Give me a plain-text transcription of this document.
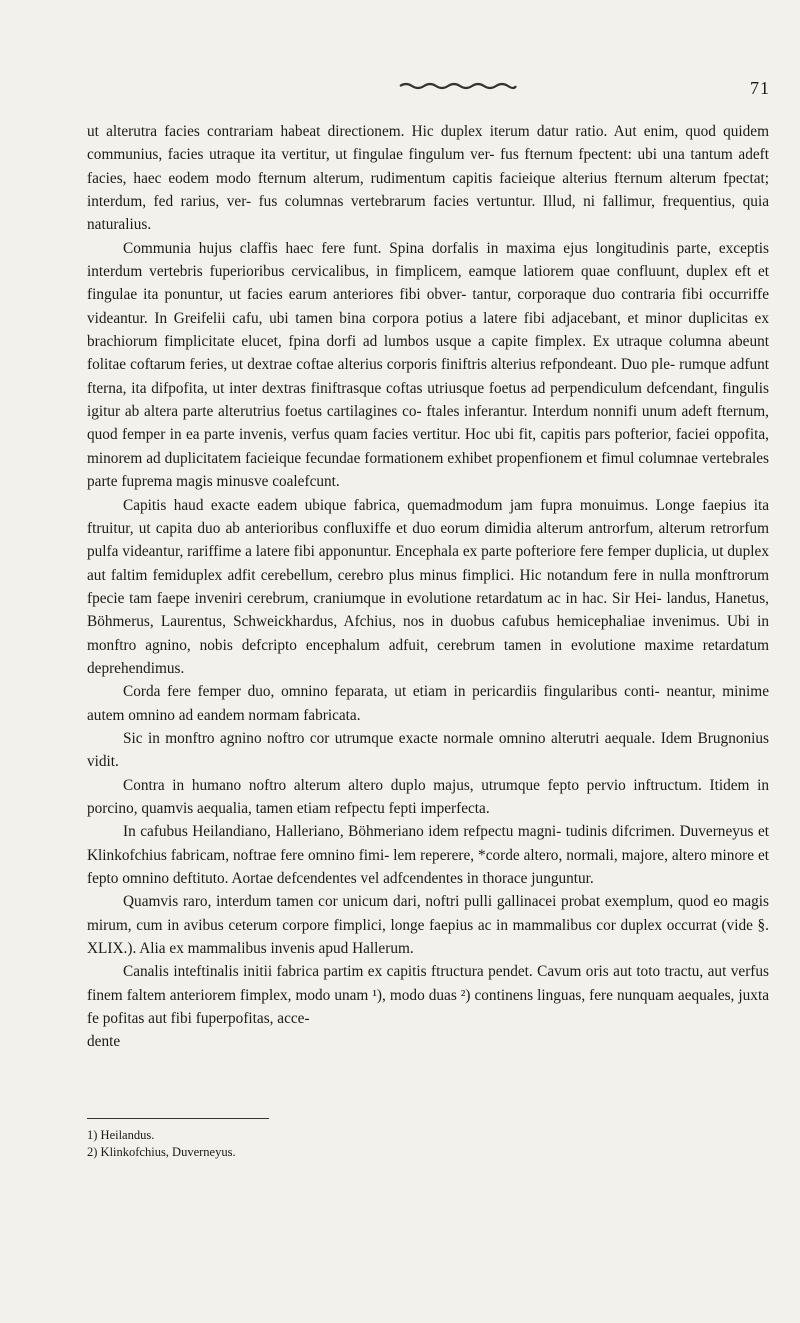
71

ut alterutra facies contrariam habeat directionem. Hic duplex iterum datur ratio. Aut enim, quod quidem communius, facies utraque ita vertitur, ut fingulae fingulum ver- fus fternum fpectent: ubi una tantum adeft facies, haec eodem modo fternum alterum, rudimentum capitis facieique alterius fternum alterum fpectat; interdum, fed rarius, ver- fus columnas vertebrarum facies vertuntur. Illud, ni fallimur, frequentius, quia naturalius.

Communia hujus claffis haec fere funt. Spina dorfalis in maxima ejus longitudinis parte, exceptis interdum vertebris fuperioribus cervicalibus, in fimplicem, eamque latiorem quae confluunt, duplex eft et fingulae ita ponuntur, ut facies earum anteriores fibi obver- tantur, corporaque duo contraria fibi occurriffe videantur. In Greifelii cafu, ubi tamen bina corpora potius a latere fibi adjacebant, et minor duplicitas ex brachiorum fimplicitate elucet, fpina dorfi ad lumbos usque a capite fimplex. Ex utraque columna abeunt folitae coftarum feries, ut dextrae coftae alterius corporis finiftris alterius refpondeant. Duo ple- rumque adfunt fterna, ita difpofita, ut inter dextras finiftrasque coftas utriusque foetus ad perpendiculum defcendant, fingulis igitur ab altera parte alterutrius foetus cartilagines co- ftales inferantur. Interdum nonnifi unum adeft fternum, quod femper in ea parte invenis, verfus quam facies vertitur. Hoc ubi fit, capitis pars pofterior, faciei oppofita, minorem ad duplicitatem facieique fecundae formationem exhibet propenfionem et fimul columnae vertebrales parte fuprema magis minusve coalefcunt.

Capitis haud exacte eadem ubique fabrica, quemadmodum jam fupra monuimus. Longe faepius ita ftruitur, ut capita duo ab anterioribus confluxiffe et duo eorum dimidia alterum antrorfum, alterum retrorfum pulfa videantur, rariffime a latere fibi apponuntur. Encephala ex parte pofteriore fere femper duplicia, ut duplex aut faltim femiduplex adfit cerebellum, cerebro plus minus fimplici. Hic notandum fere in nulla monftrorum fpecie tam faepe inveniri cerebrum, craniumque in evolutione retardatum ac in hac. Sir Hei- landus, Hanetus, Böhmerus, Laurentus, Schweickhardus, Afchius, nos in duobus cafubus hemicephaliae invenimus. Ubi in monftro agnino, nobis defcripto encephalum adfuit, cerebrum tamen in evolutione maxime retardatum deprehendimus.

Corda fere femper duo, omnino feparata, ut etiam in pericardiis fingularibus conti- neantur, minime autem omnino ad eandem normam fabricata.

Sic in monftro agnino noftro cor utrumque exacte normale omnino alterutri aequale. Idem Brugnonius vidit.

Contra in humano noftro alterum altero duplo majus, utrumque fepto pervio inftructum. Itidem in porcino, quamvis aequalia, tamen etiam refpectu fepti imperfecta.

In cafubus Heilandiano, Halleriano, Böhmeriano idem refpectu magni- tudinis difcrimen. Duverneyus et Klinkofchius fabricam, noftrae fere omnino fimi- lem reperere, *corde altero, normali, majore, altero minore et fepto omnino deftituto. Aortae defcendentes vel adfcendentes in thorace junguntur.

Quamvis raro, interdum tamen cor unicum dari, noftri pulli gallinacei probat exemplum, quod eo magis mirum, cum in avibus ceterum corpore fimplici, longe faepius ac in mammalibus cor duplex occurrat (vide §. XLIX.). Alia ex mammalibus invenis apud Hallerum.

Canalis inteftinalis initii fabrica partim ex capitis ftructura pendet. Cavum oris aut toto tractu, aut verfus finem faltem anteriorem fimplex, modo unam ¹), modo duas ²) continens linguas, fere nunquam aequales, juxta fe pofitas aut fibi fuperpofitas, acce-

dente

1) Heilandus.

2) Klinkofchius, Duverneyus.
